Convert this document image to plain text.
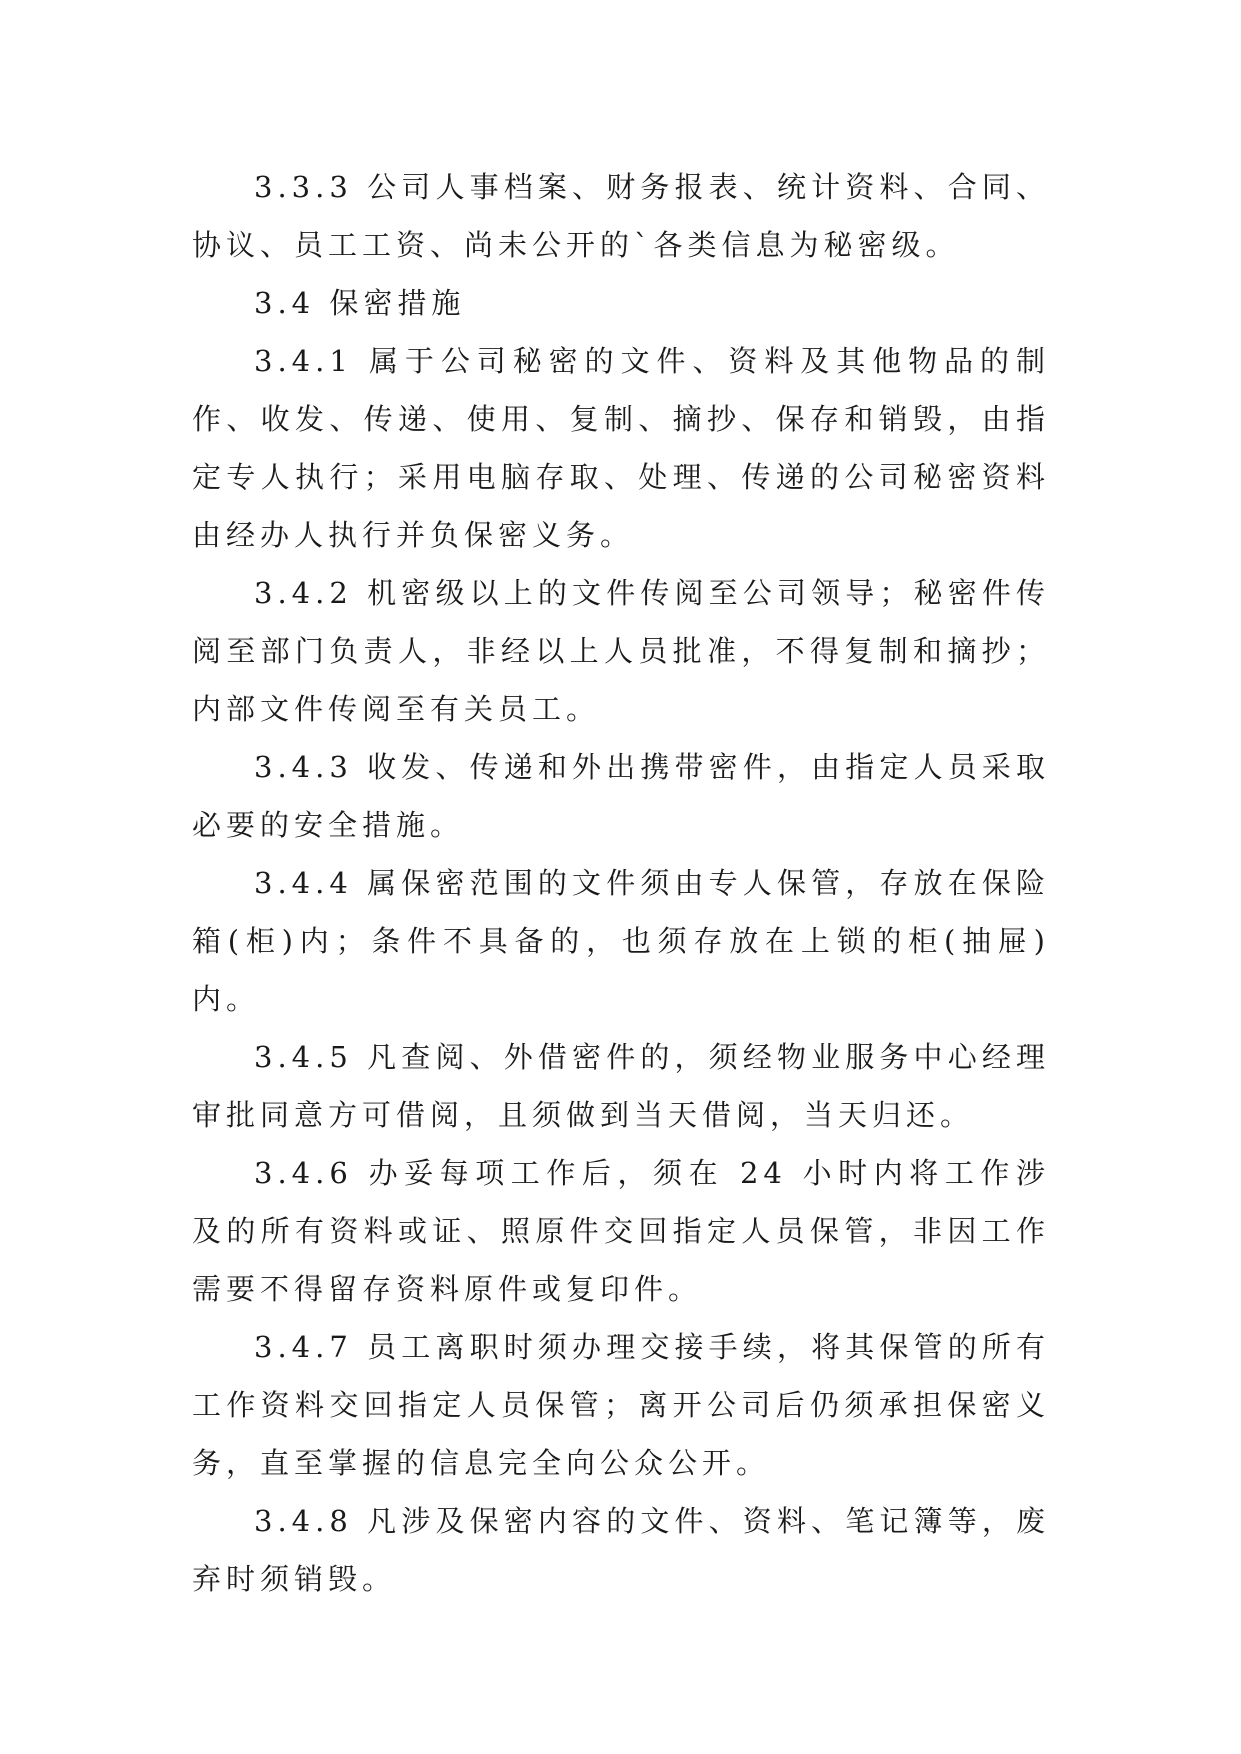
3.3.3 公司人事档案、财务报表、统计资料、合同、协议、员工工资、尚未公开的`各类信息为秘密级。

3.4 保密措施

3.4.1 属于公司秘密的文件、资料及其他物品的制作、收发、传递、使用、复制、摘抄、保存和销毁，由指定专人执行；采用电脑存取、处理、传递的公司秘密资料由经办人执行并负保密义务。

3.4.2 机密级以上的文件传阅至公司领导；秘密件传阅至部门负责人，非经以上人员批准，不得复制和摘抄；内部文件传阅至有关员工。

3.4.3 收发、传递和外出携带密件，由指定人员采取必要的安全措施。

3.4.4 属保密范围的文件须由专人保管，存放在保险箱(柜)内；条件不具备的，也须存放在上锁的柜(抽屉)内。

3.4.5 凡查阅、外借密件的，须经物业服务中心经理审批同意方可借阅，且须做到当天借阅，当天归还。

3.4.6 办妥每项工作后，须在 24 小时内将工作涉及的所有资料或证、照原件交回指定人员保管，非因工作需要不得留存资料原件或复印件。

3.4.7 员工离职时须办理交接手续，将其保管的所有工作资料交回指定人员保管；离开公司后仍须承担保密义务，直至掌握的信息完全向公众公开。

3.4.8 凡涉及保密内容的文件、资料、笔记簿等，废弃时须销毁。
